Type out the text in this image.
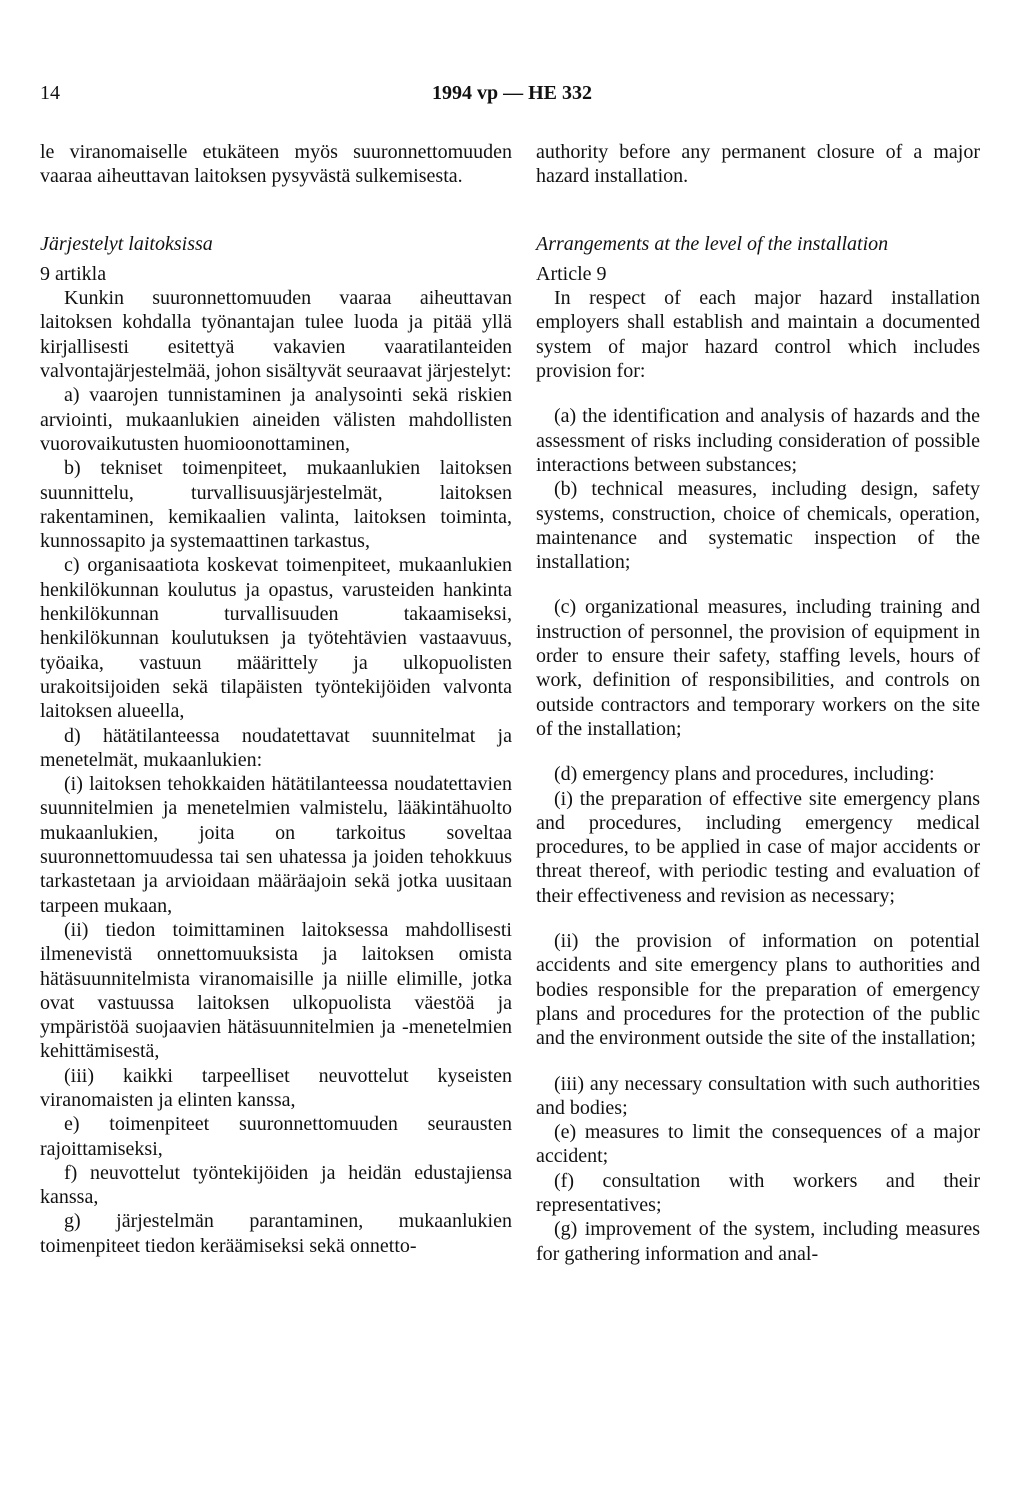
14	1994 vp — HE 332

le viranomaiselle etukäteen myös suuronnettomuuden vaaraa aiheuttavan laitoksen pysyvästä sulkemisesta.

Järjestelyt laitoksissa

9 artikla

Kunkin suuronnettomuuden vaaraa aiheuttavan laitoksen kohdalla työnantajan tulee luoda ja pitää yllä kirjallisesti esitettyä vakavien vaaratilanteiden valvontajärjestelmää, johon sisältyvät seuraavat järjestelyt:

a) vaarojen tunnistaminen ja analysointi sekä riskien arviointi, mukaanlukien aineiden välisten mahdollisten vuorovaikutusten huomioonottaminen,

b) tekniset toimenpiteet, mukaanlukien laitoksen suunnittelu, turvallisuusjärjestelmät, laitoksen rakentaminen, kemikaalien valinta, laitoksen toiminta, kunnossapito ja systemaattinen tarkastus,

c) organisaatiota koskevat toimenpiteet, mukaanlukien henkilökunnan koulutus ja opastus, varusteiden hankinta henkilökunnan turvallisuuden takaamiseksi, henkilökunnan koulutuksen ja työtehtävien vastaavuus, työaika, vastuun määrittely ja ulkopuolisten urakoitsijoiden sekä tilapäisten työntekijöiden valvonta laitoksen alueella,

d) hätätilanteessa noudatettavat suunnitelmat ja menetelmät, mukaanlukien:

(i) laitoksen tehokkaiden hätätilanteessa noudatettavien suunnitelmien ja menetelmien valmistelu, lääkintähuolto mukaanlukien, joita on tarkoitus soveltaa suuronnettomuudessa tai sen uhatessa ja joiden tehokkuus tarkastetaan ja arvioidaan määräajoin sekä jotka uusitaan tarpeen mukaan,

(ii) tiedon toimittaminen laitoksessa mahdollisesti ilmenevistä onnettomuuksista ja laitoksen omista hätäsuunnitelmista viranomaisille ja niille elimille, jotka ovat vastuussa laitoksen ulkopuolista väestöä ja ympäristöä suojaavien hätäsuunnitelmien ja -menetelmien kehittämisestä,

(iii) kaikki tarpeelliset neuvottelut kyseisten viranomaisten ja elinten kanssa,

e) toimenpiteet suuronnettomuuden seurausten rajoittamiseksi,

f) neuvottelut työntekijöiden ja heidän edustajiensa kanssa,

g) järjestelmän parantaminen, mukaanlukien toimenpiteet tiedon keräämiseksi sekä onnetto-

authority before any permanent closure of a major hazard installation.

Arrangements at the level of the installation

Article 9

In respect of each major hazard installation employers shall establish and maintain a documented system of major hazard control which includes provision for:

(a) the identification and analysis of hazards and the assessment of risks including consideration of possible interactions between substances;

(b) technical measures, including design, safety systems, construction, choice of chemicals, operation, maintenance and systematic inspection of the installation;

(c) organizational measures, including training and instruction of personnel, the provision of equipment in order to ensure their safety, staffing levels, hours of work, definition of responsibilities, and controls on outside contractors and temporary workers on the site of the installation;

(d) emergency plans and procedures, including:

(i) the preparation of effective site emergency plans and procedures, including emergency medical procedures, to be applied in case of major accidents or threat thereof, with periodic testing and evaluation of their effectiveness and revision as necessary;

(ii) the provision of information on potential accidents and site emergency plans to authorities and bodies responsible for the preparation of emergency plans and procedures for the protection of the public and the environment outside the site of the installation;

(iii) any necessary consultation with such authorities and bodies;

(e) measures to limit the consequences of a major accident;

(f) consultation with workers and their representatives;

(g) improvement of the system, including measures for gathering information and anal-
